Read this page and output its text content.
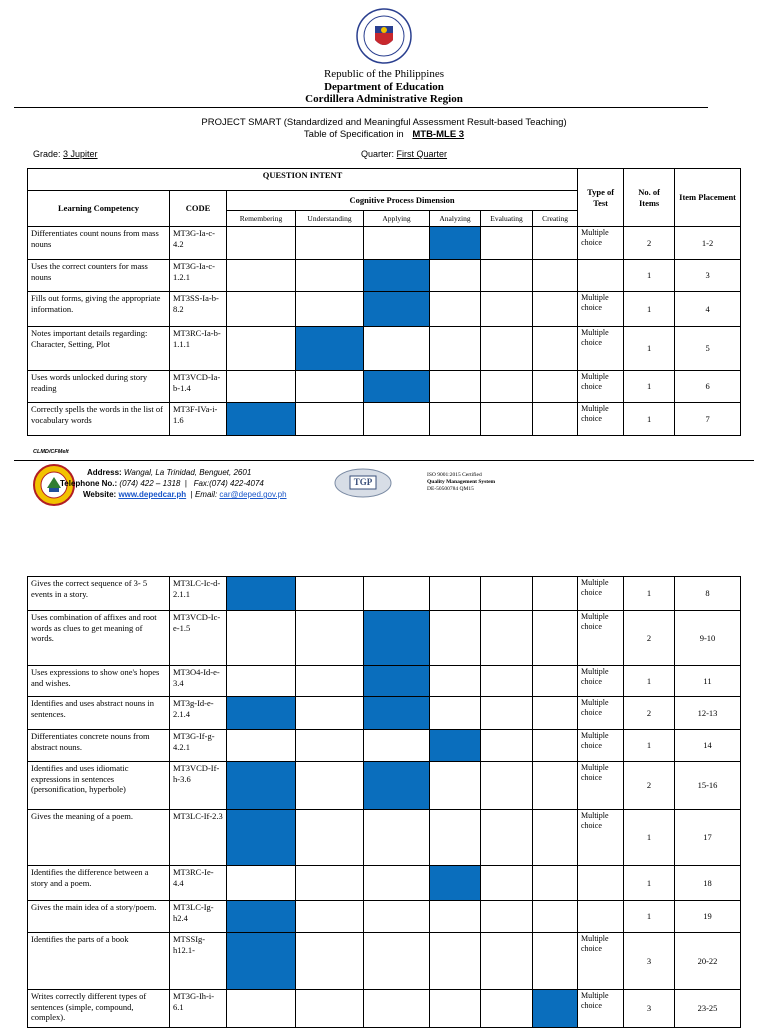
Republic of the Philippines
Department of Education
Cordillera Administrative Region
PROJECT SMART (Standardized and Meaningful Assessment Result-based Teaching)
Table of Specification in MTB-MLE 3
Grade: 3 Jupiter	Quarter: First Quarter
QUESTION INTENT								Type of Test	No. of Items	Item Placement
Learning Competency	CODE	Cognitive Process Dimension								
		Remembering	Understanding	Applying	Analyzing	Evaluating	Creating			
Differentiates count nouns from mass nouns	MT3G-Ia-c-4.2							Multiple choice	2	1-2
Uses the correct counters for mass nouns	MT3G-Ia-c-1.2.1								1	3
Fills out forms, giving the appropriate information.	MT3SS-Ia-b-8.2							Multiple choice	1	4
Notes important details regarding: Character, Setting, Plot	MT3RC-Ia-b-1.1.1							Multiple choice	1	5
Uses words unlocked during story reading	MT3VCD-Ia-b-1.4							Multiple choice	1	6
Correctly spells the words in the list of vocabulary words	MT3F-IVa-i-1.6							Multiple choice	1	7
CLMD/CFMelt
Address: Wangal, La Trinidad, Benguet, 2601
Telephone No.: (074) 422 – 1318  |   Fax:(074) 422-4074
Website: www.depedcar.ph  | Email: car@deped.gov.ph
TGP
ISO 9001:2015 Certified
Quality Management System
DE-50500784 QM15
Gives the correct sequence of 3- 5 events in a story.	MT3LC-Ic-d-2.1.1							Multiple choice	1	8
Uses combination of affixes and root words as clues to get meaning of words.	MT3VCD-Ic-e-1.5							Multiple choice	2	9-10
Uses expressions to show one's hopes and wishes.	MT3O4-Id-e-3.4							Multiple choice	1	11
Identifies and uses abstract nouns in sentences.	MT3g-Id-e-2.1.4							Multiple choice	2	12-13
Differentiates concrete nouns from abstract nouns.	MT3G-If-g-4.2.1							Multiple choice	1	14
Identifies and uses idiomatic expressions in sentences (personification, hyperbole)	MT3VCD-If-h-3.6							Multiple choice	2	15-16
Gives the meaning of a poem.	MT3LC-If-2.3							Multiple choice	1	17
Identifies the difference between a story and a poem.	MT3RC-Ie-4.4								1	18
Gives the main idea of a story/poem.	MT3LC-Ig-h2.4								1	19
Identifies the parts of a book	MTSSIg-h12.1-							Multiple choice	3	20-22
Writes correctly different types of sentences (simple, compound, complex).	MT3G-Ih-i-6.1							Multiple choice	3	23-25
